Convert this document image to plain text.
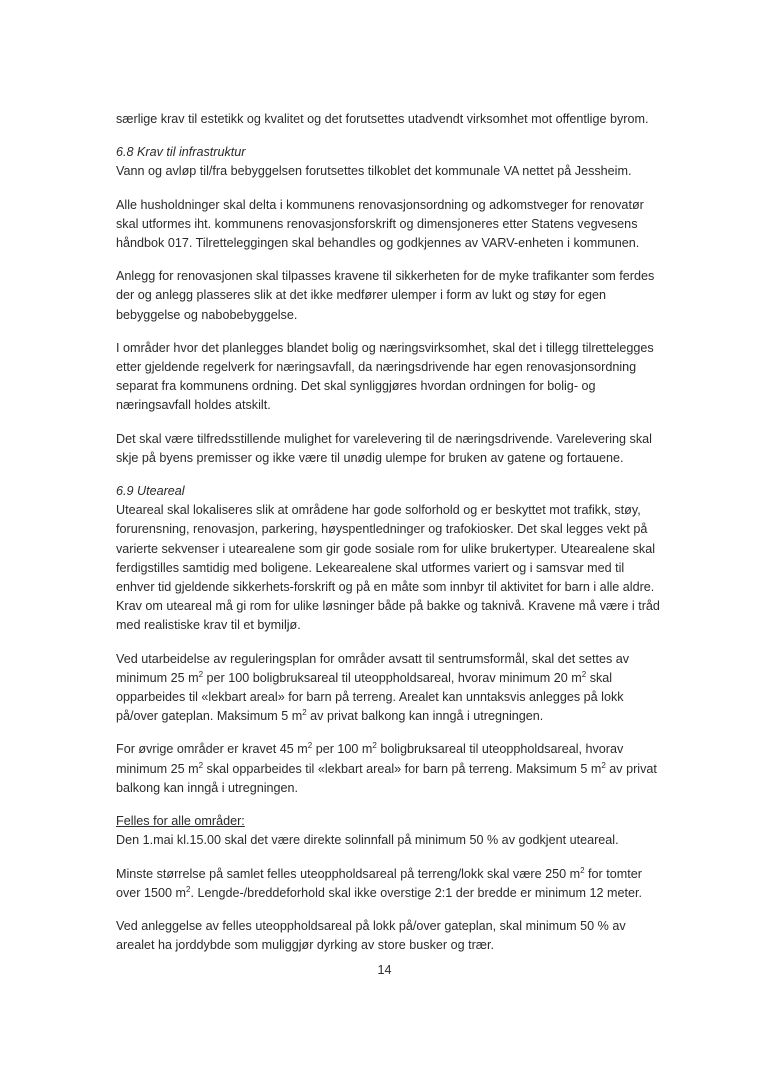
særlige krav til estetikk og kvalitet og det forutsettes utadvendt virksomhet mot offentlige byrom.

6.8 Krav til infrastruktur

Vann og avløp til/fra bebyggelsen forutsettes tilkoblet det kommunale VA nettet på Jessheim.

Alle husholdninger skal delta i kommunens renovasjonsordning og adkomstveger for renovatør skal utformes iht. kommunens renovasjonsforskrift og dimensjoneres etter Statens vegvesens håndbok 017. Tilretteleggingen skal behandles og godkjennes av VARV-enheten i kommunen.

Anlegg for renovasjonen skal tilpasses kravene til sikkerheten for de myke trafikanter som ferdes der og anlegg plasseres slik at det ikke medfører ulemper i form av lukt og støy for egen bebyggelse og nabobebyggelse.

I områder hvor det planlegges blandet bolig og næringsvirksomhet, skal det i tillegg tilrettelegges etter gjeldende regelverk for næringsavfall, da næringsdrivende har egen renovasjonsordning separat fra kommunens ordning. Det skal synliggjøres hvordan ordningen for bolig- og næringsavfall holdes atskilt.

Det skal være tilfredsstillende mulighet for varelevering til de næringsdrivende. Varelevering skal skje på byens premisser og ikke være til unødig ulempe for bruken av gatene og fortauene.

6.9 Uteareal

Uteareal skal lokaliseres slik at områdene har gode solforhold og er beskyttet mot trafikk, støy, forurensning, renovasjon, parkering, høyspentledninger og trafokiosker. Det skal legges vekt på varierte sekvenser i utearealene som gir gode sosiale rom for ulike brukertyper. Utearealene skal ferdigstilles samtidig med boligene. Lekearealene skal utformes variert og i samsvar med til enhver tid gjeldende sikkerhets-forskrift og på en måte som innbyr til aktivitet for barn i alle aldre. Krav om uteareal må gi rom for ulike løsninger både på bakke og taknivå. Kravene må være i tråd med realistiske krav til et bymiljø.

Ved utarbeidelse av reguleringsplan for områder avsatt til sentrumsformål, skal det settes av minimum 25 $m^2$ per 100 boligbruksareal til uteoppholdsareal, hvorav minimum 20 $m^2$ skal opparbeides til «lekbart areal» for barn på terreng. Arealet kan unntaksvis anlegges på lokk på/over gateplan. Maksimum 5 $m^2$ av privat balkong kan inngå i utregningen.

For øvrige områder er kravet 45 $m^2$ per 100 $m^2$ boligbruksareal til uteoppholdsareal, hvorav minimum 25 $m^2$ skal opparbeides til «lekbart areal» for barn på terreng. Maksimum 5 $m^2$ av privat balkong kan inngå i utregningen.

Felles for alle områder:
Den 1.mai kl.15.00 skal det være direkte solinnfall på minimum 50 % av godkjent uteareal.

Minste størrelse på samlet felles uteoppholdsareal på terreng/lokk skal være 250 $m^2$ for tomter over 1500 $m^2$. Lengde-/breddeforhold skal ikke overstige 2:1 der bredde er minimum 12 meter.

Ved anleggelse av felles uteoppholdsareal på lokk på/over gateplan, skal minimum 50 % av arealet ha jorddybde som muliggjør dyrking av store busker og trær.

14
